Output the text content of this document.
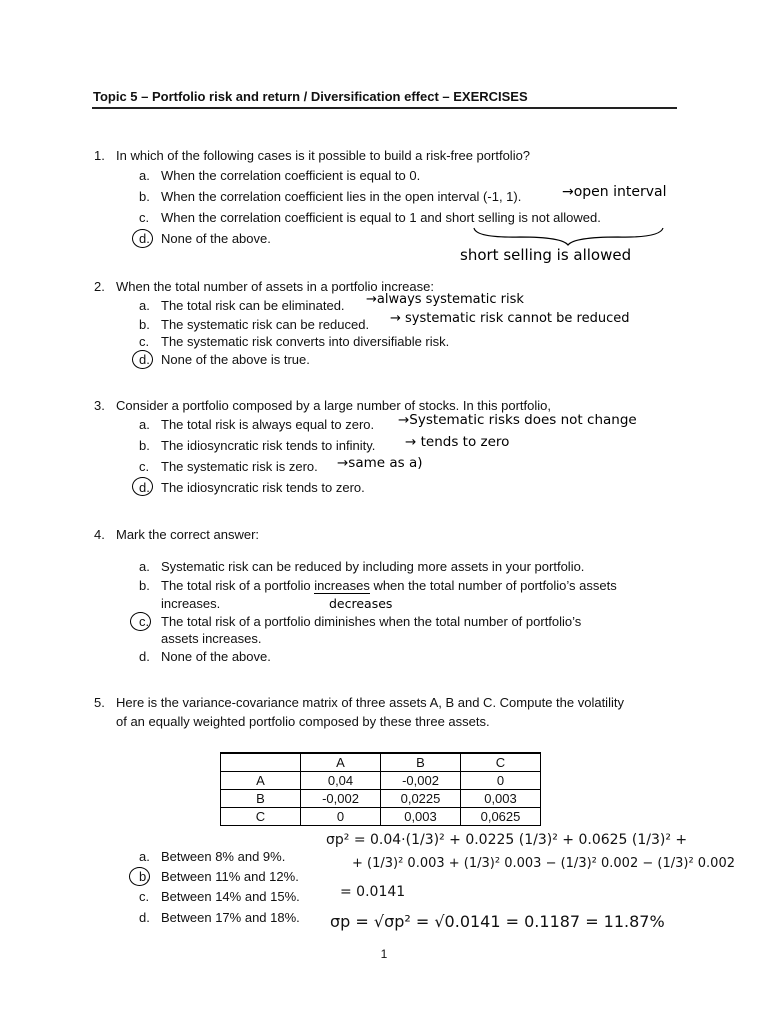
Topic 5 – Portfolio risk and return / Diversification effect – EXERCISES
1. In which of the following cases is it possible to build a risk-free portfolio?
a. When the correlation coefficient is equal to 0.
b. When the correlation coefficient lies in the open interval (-1, 1).	→open interval
c. When the correlation coefficient is equal to 1 and short selling is not allowed.
short selling is allowed
d. None of the above.
2. When the total number of assets in a portfolio increase:
a. The total risk can be eliminated. →always systematic risk
b. The systematic risk can be reduced. → systematic risk cannot be reduced
c. The systematic risk converts into diversifiable risk.
d. None of the above is true.
3. Consider a portfolio composed by a large number of stocks. In this portfolio,
a. The total risk is always equal to zero. →Systematic risks does not change
b. The idiosyncratic risk tends to infinity. → tends to zero
c. The systematic risk is zero. →same as a)
d. The idiosyncratic risk tends to zero.
4. Mark the correct answer:
a. Systematic risk can be reduced by including more assets in your portfolio.
b. The total risk of a portfolio increases when the total number of portfolio’s assets
increases.	decreases
c. The total risk of a portfolio diminishes when the total number of portfolio’s
assets increases.
d. None of the above.
5. Here is the variance-covariance matrix of three assets A, B and C. Compute the volatility
of an equally weighted portfolio composed by these three assets.
	A	B	C
A	0,04	-0,002	0
B	-0,002	0,0225	0,003
C	0	0,003	0,0625
a. Between 8% and 9%.
b. Between 11% and 12%.
c. Between 14% and 15%.
d. Between 17% and 18%.
σp² = 0.04·(1/3)² + 0.0225 (1/3)² + 0.0625 (1/3)² +
+ (1/3)² 0.003 + (1/3)² 0.003 − (1/3)² 0.002 − (1/3)² 0.002
= 0.0141
σp = √σp² = √0.0141 = 0.1187 = 11.87%
1
